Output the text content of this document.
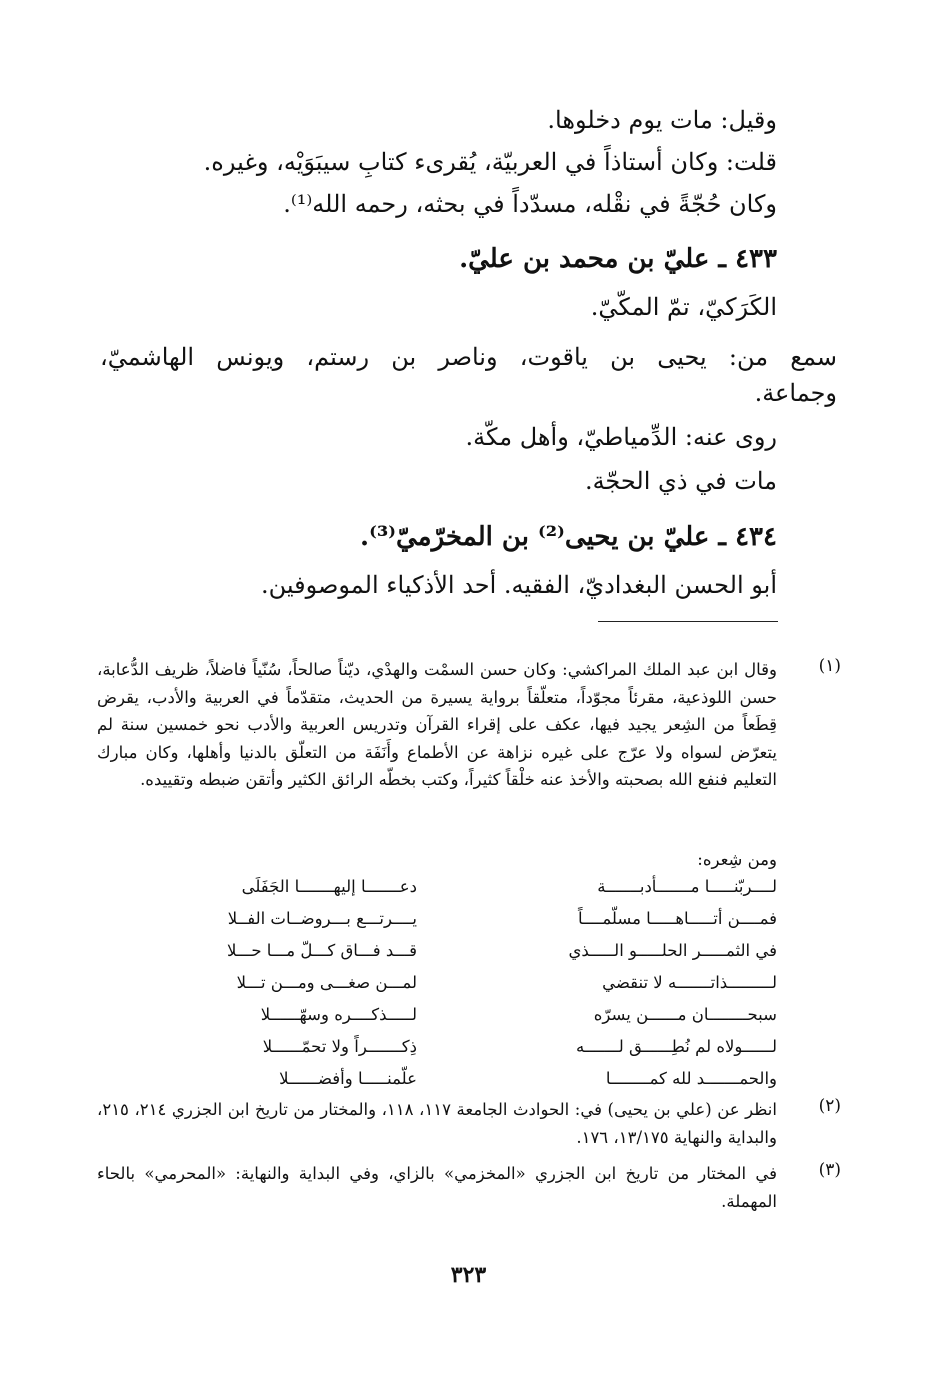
وقيل: مات يوم دخلوها.
قلت: وكان أستاذاً في العربيّة، يُقرىء كتابِ سيبَوَيْه، وغيره.
وكان حُجّةً في نقْله، مسدّداً في بحثه، رحمه الله⁽¹⁾.
٤٣٣ ـ عليّ بن محمد بن عليّ.
الكَرَكيّ، تمّ المكّيّ.
سمع من: يحيى بن ياقوت، وناصر بن رستم، ويونس الهاشميّ،
وجماعة.
روى عنه: الدِّمياطيّ، وأهل مكّة.
مات في ذي الحجّة.
٤٣٤ ـ عليّ بن يحيى⁽²⁾ بن المخرّميّ⁽³⁾.
أبو الحسن البغداديّ، الفقيه. أحد الأذكياء الموصوفين.
(١)
وقال ابن عبد الملك المراكشي: وكان حسن السمْت والهدْي، ديّناً صالحاً، سُنّياً فاضلاً، ظريف الدُّعابة، حسن اللوذعية، مقرئاً مجوّداً، متعلّقاً برواية يسيرة من الحديث، متقدّماً في العربية والأدب، يقرض قِطَعاً من الشِعر يجيد فيها، عكف على إقراء القرآن وتدريس العربية والأدب نحو خمسين سنة لم يتعرّض لسواه ولا عرّج على غيره نزاهة عن الأطماع وأَنَفَة من التعلّق بالدنيا وأهلها، وكان مبارك التعليم فنفع الله بصحبته والأخذ عنه خلْقاً كثيراً، وكتب بخطّه الرائق الكثير وأتقن ضبطه وتقييده.
ومن شِعره:
لــــربّنـــــا مـــــــأدبـــــــة
دعـــــــا إليهـــــــا الجَفَلَى
فمــــن أتـــــاهـــــا مسلّمــــاً
يــــرتـــع بـــروضــات الفــلا
في الثمـــــر الحلـــــو الـــــذي
قـــد فـــاق كـــلّ مـــا حـــلا
لـــــــــذاتـــــــه لا تنقضي
لمـــن صغـــى ومـــن تـــلا
سبحــــــــان مــــــن يسرّه
لـــــذكــــره وسهّــــــلا
لــــــولاه لم نُطِــــــق لـــــــه
ذِكـــــــراً ولا تحمّــــــلا
والحمـــــــد لله كمــــــــا
علّمنـــــا وأفضــــــلا
(٢)
انظر عن (علي بن يحيى) في: الحوادث الجامعة ١١٧، ١١٨، والمختار من تاريخ ابن الجزري ٢١٤، ٢١٥، والبداية والنهاية ١٣/١٧٥، ١٧٦.
(٣)
في المختار من تاريخ ابن الجزري «المخزمي» بالزاي، وفي البداية والنهاية: «المحرمي» بالحاء المهملة.
٣٢٣
